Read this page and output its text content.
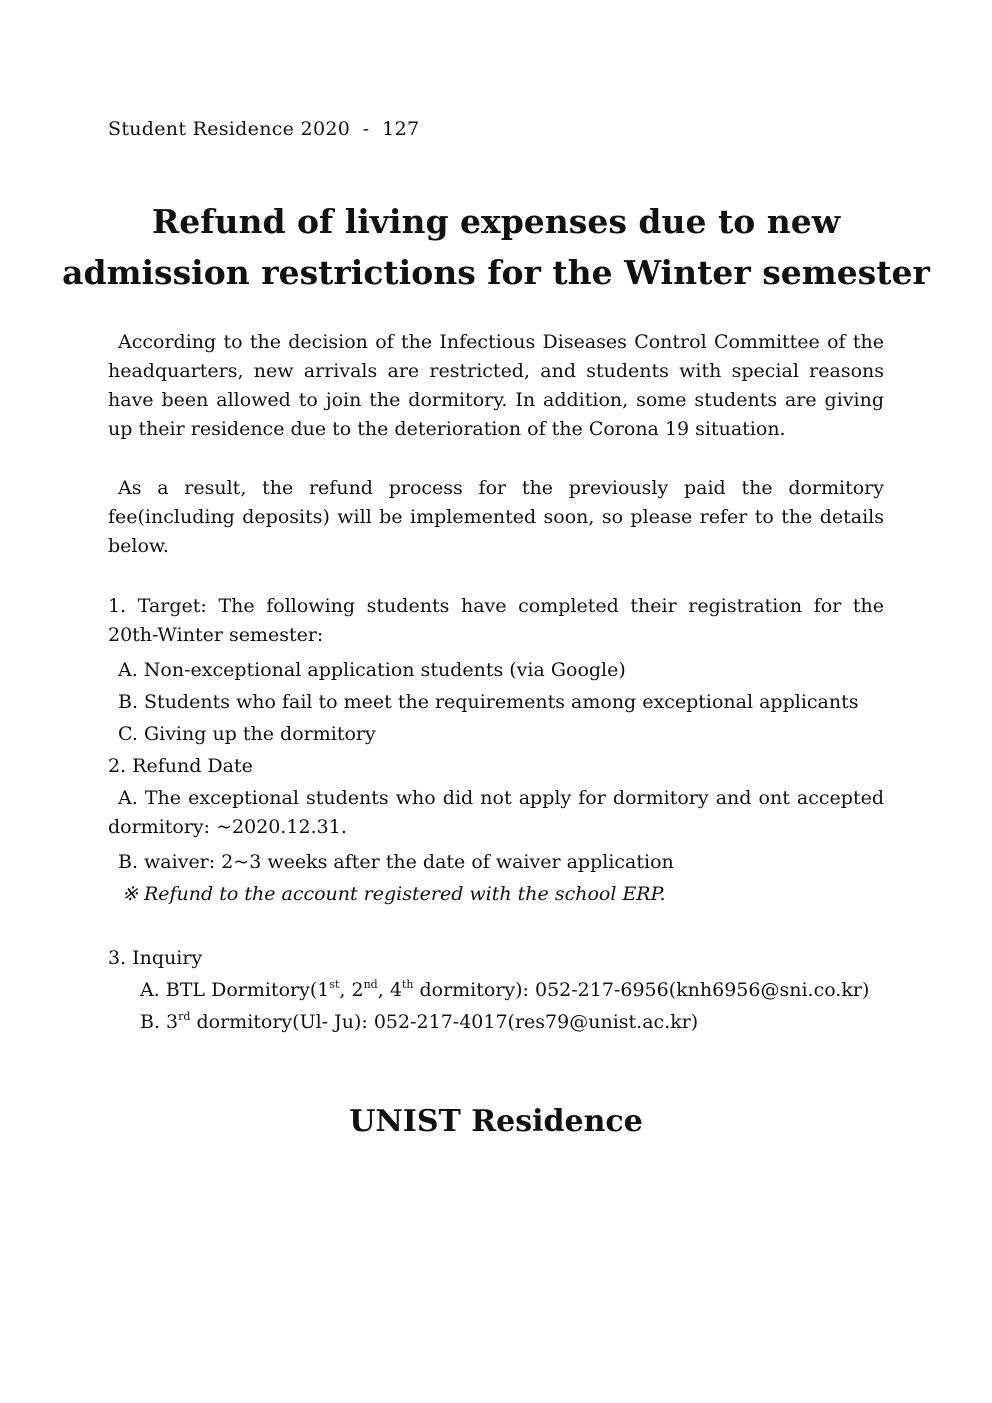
Student Residence 2020  -  127
Refund of living expenses due to new
admission restrictions for the Winter semester

According to the decision of the Infectious Diseases Control Committee of the headquarters, new arrivals are restricted, and students with special reasons have been allowed to join the dormitory. In addition, some students are giving up their residence due to the deterioration of the Corona 19 situation.

As a result, the refund process for the previously paid the dormitory fee(including deposits) will be implemented soon, so please refer to the details below.

1. Target: The following students have completed their registration for the 20th-Winter semester:

A. Non-exceptional application students (via Google)

B. Students who fail to meet the requirements among exceptional applicants

C. Giving up the dormitory

2. Refund Date

A. The exceptional students who did not apply for dormitory and ont accepted dormitory: ~2020.12.31.

B. waiver: 2~3 weeks after the date of waiver application

※ Refund to the account registered with the school ERP.

3. Inquiry

A. BTL Dormitory(1st, 2nd, 4th dormitory): 052-217-6956(knh6956@sni.co.kr)

B. 3rd dormitory(Ul- Ju): 052-217-4017(res79@unist.ac.kr)

UNIST Residence
